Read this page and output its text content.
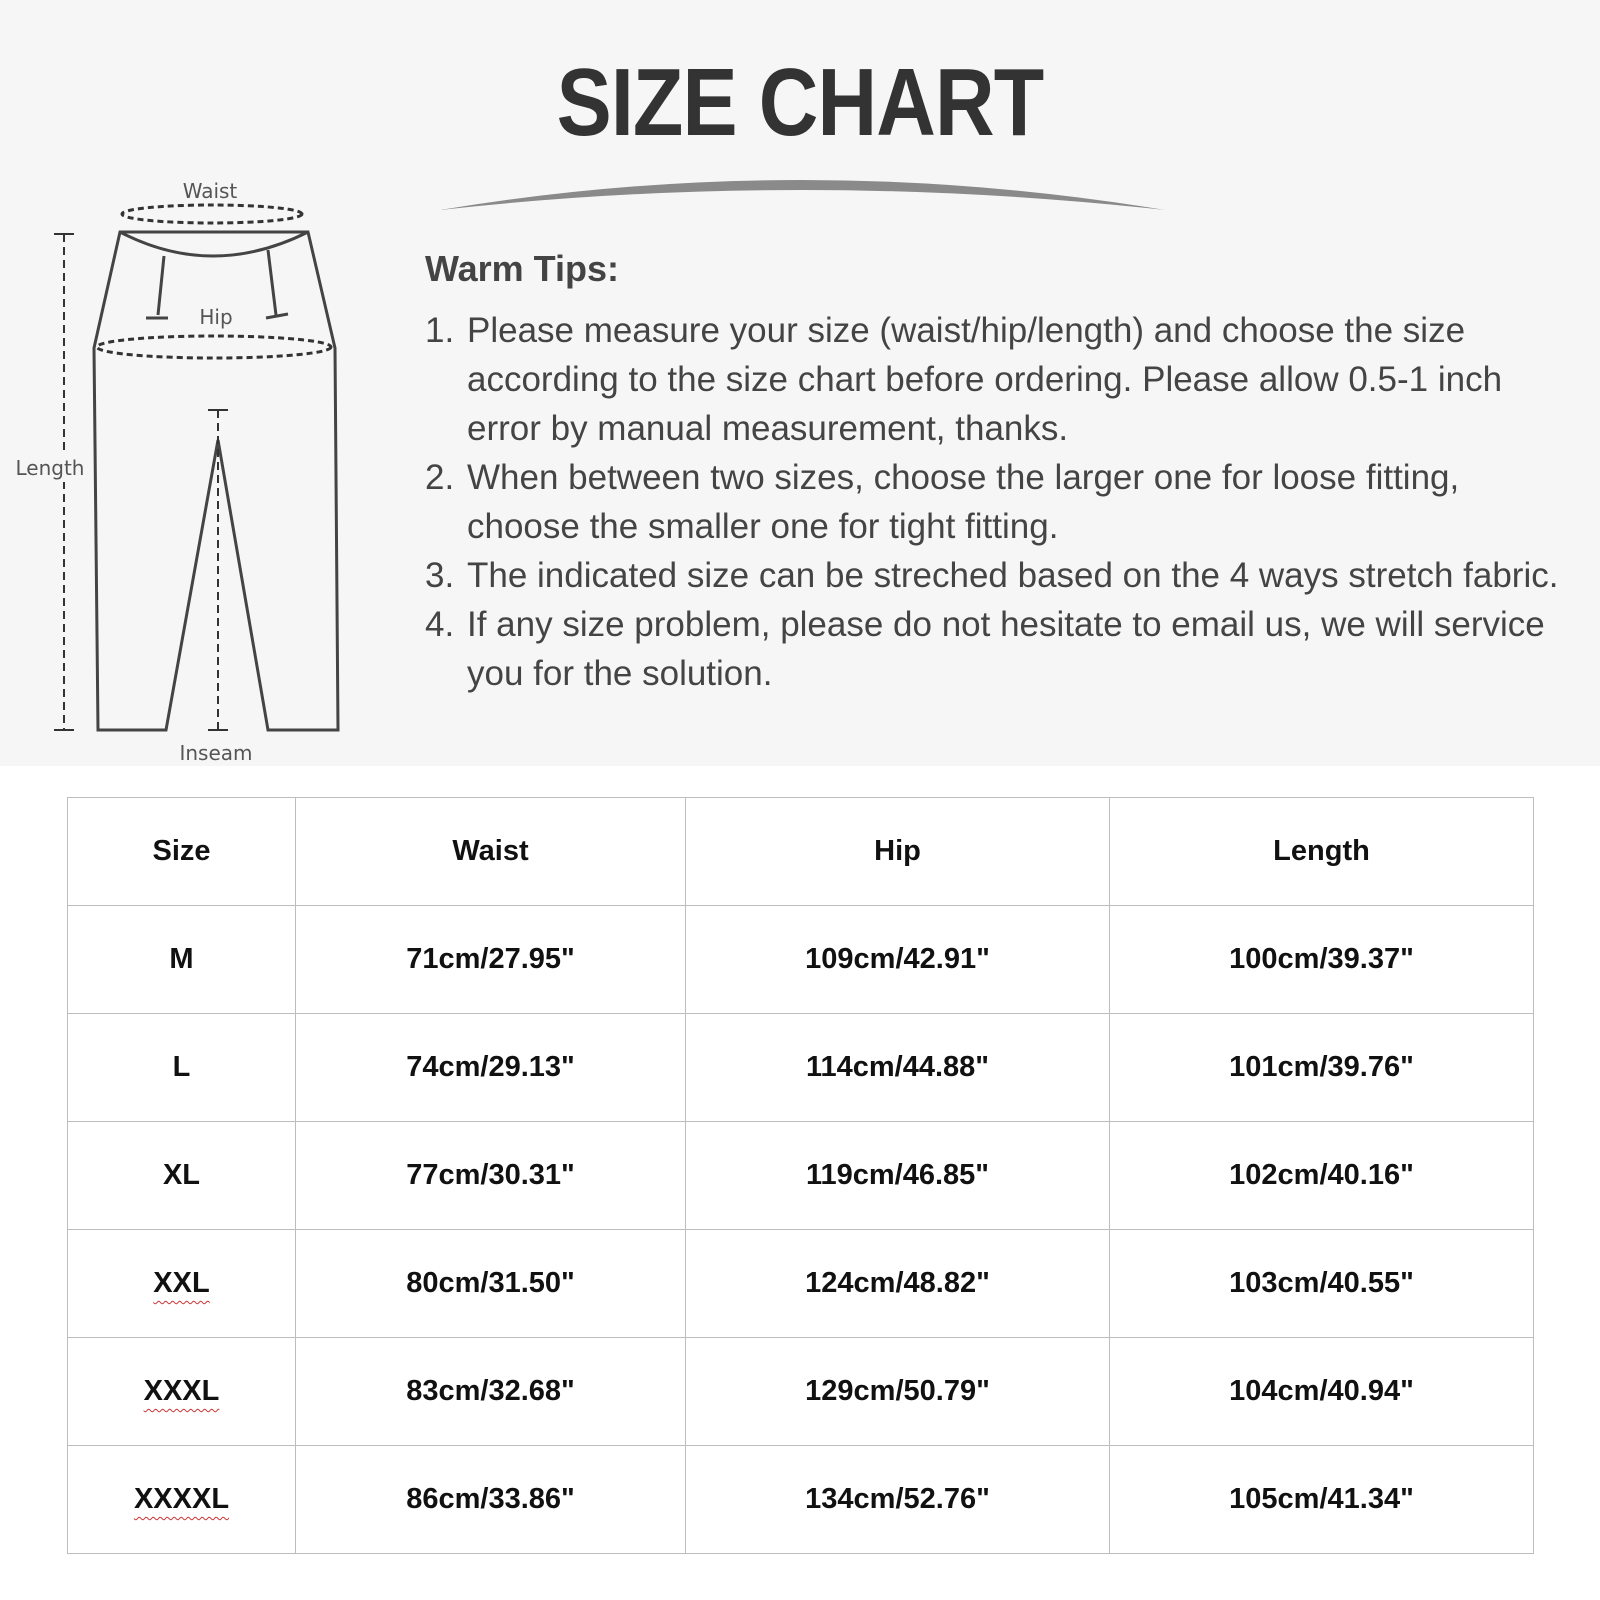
SIZE CHART
Waist
Hip
Length
Inseam
Warm Tips:
1. Please measure your size (waist/hip/length) and choose the size according to the size chart before ordering. Please allow 0.5-1 inch error by manual measurement, thanks.
2. When between two sizes, choose the larger one for loose fitting, choose the smaller one for tight fitting.
3. The indicated size can be streched based on the 4 ways stretch fabric.
4. If any size problem, please do not hesitate to email us, we will service you for the solution.
Size	Waist	Hip	Length
M	71cm/27.95"	109cm/42.91"	100cm/39.37"
L	74cm/29.13"	114cm/44.88"	101cm/39.76"
XL	77cm/30.31"	119cm/46.85"	102cm/40.16"
XXL	80cm/31.50"	124cm/48.82"	103cm/40.55"
XXXL	83cm/32.68"	129cm/50.79"	104cm/40.94"
XXXXL	86cm/33.86"	134cm/52.76"	105cm/41.34"
